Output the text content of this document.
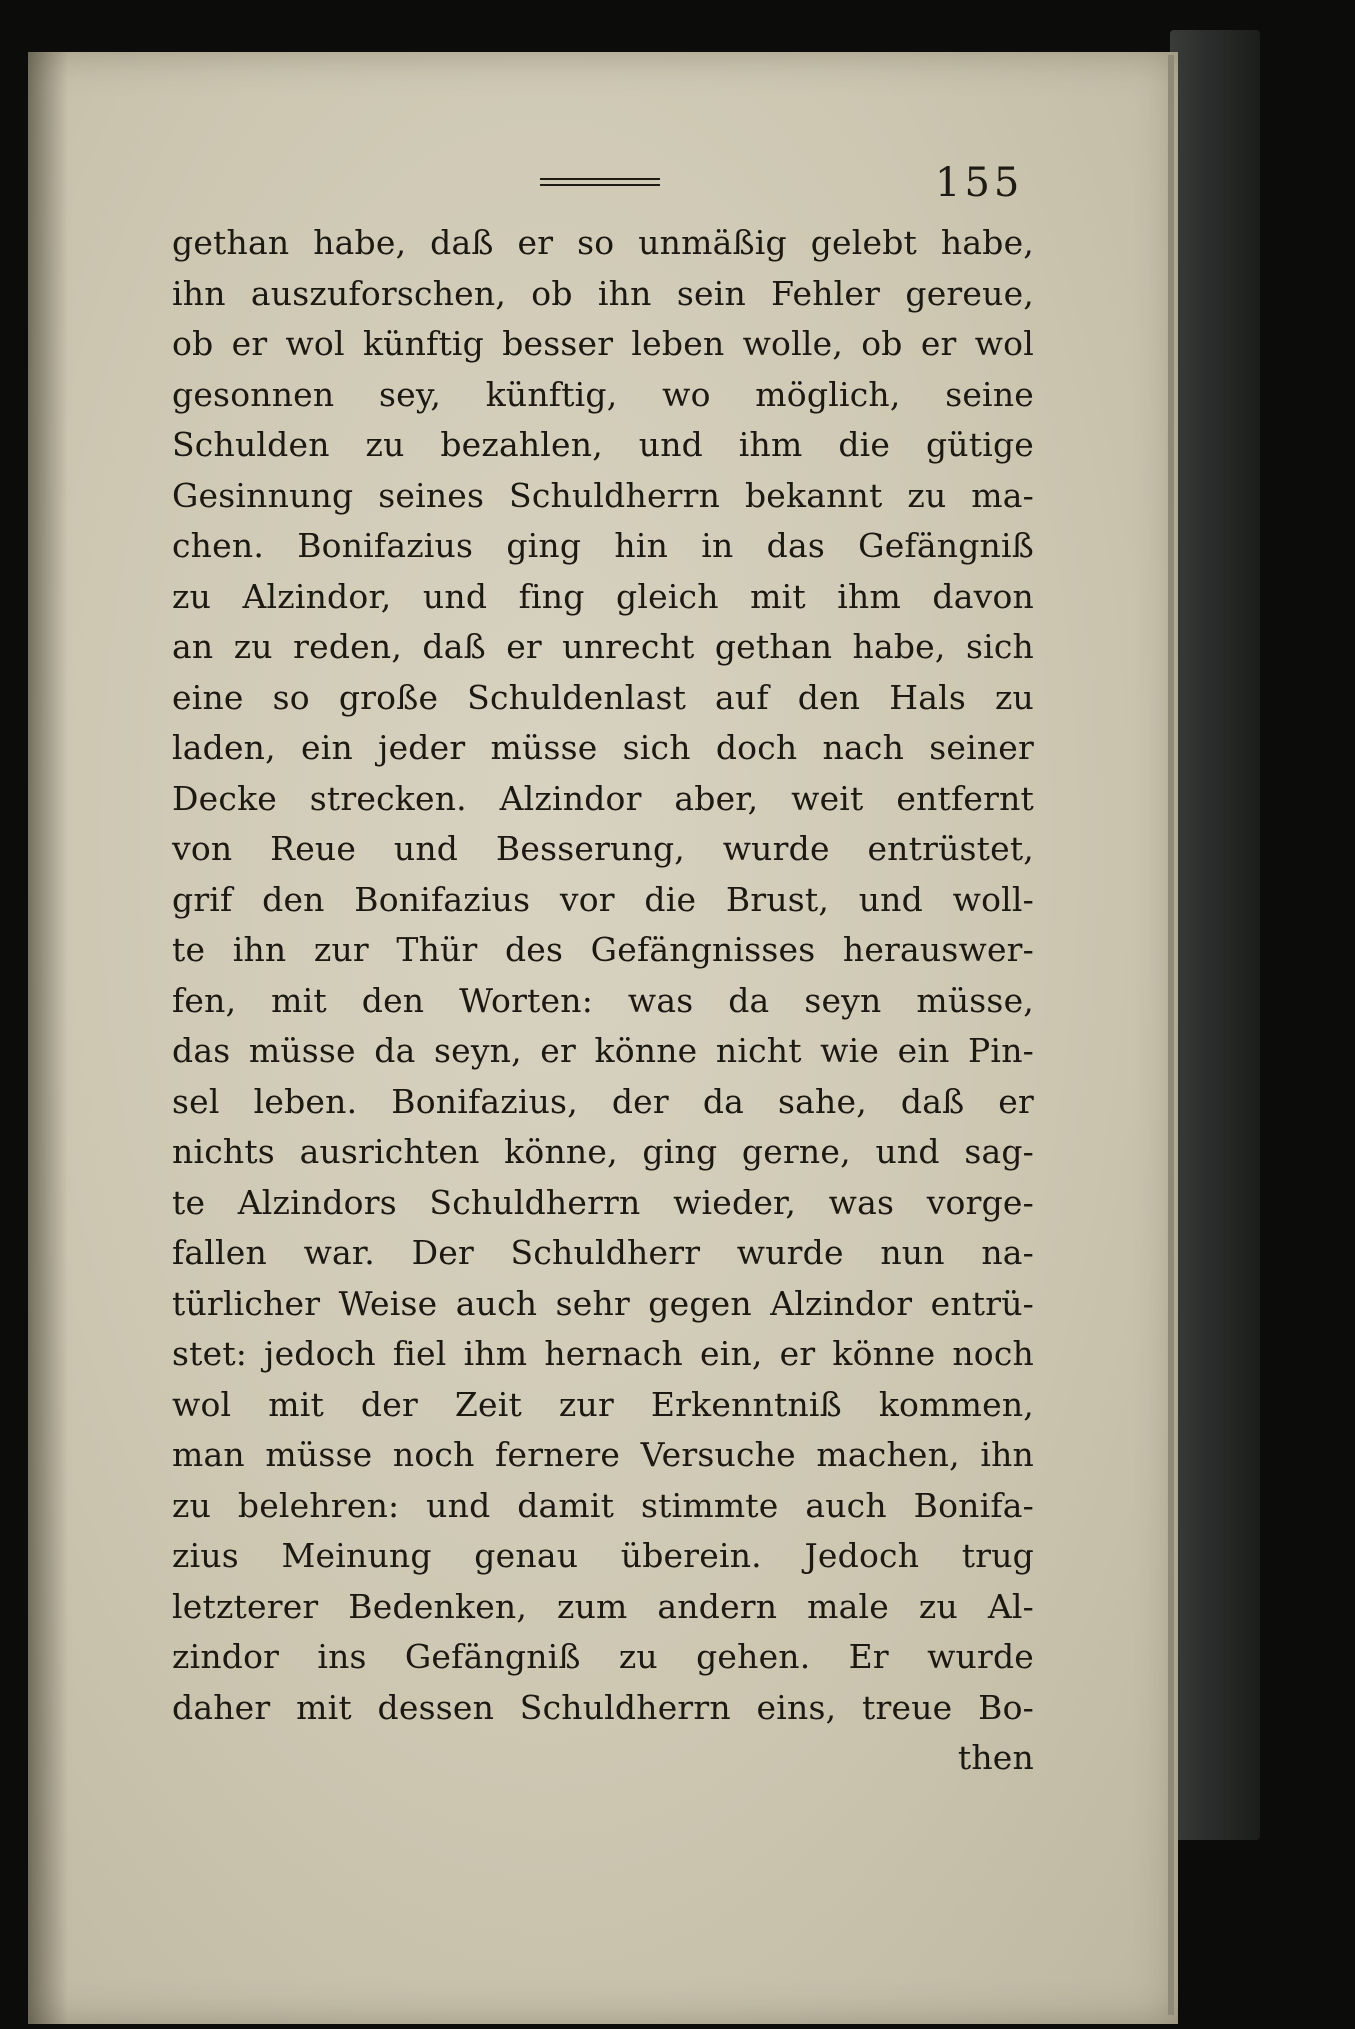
155
gethan habe, daß er so unmäßig gelebt habe,
ihn auszuforschen, ob ihn sein Fehler gereue,
ob er wol künftig besser leben wolle, ob er wol
gesonnen sey, künftig, wo möglich, seine
Schulden zu bezahlen, und ihm die gütige
Gesinnung seines Schuldherrn bekannt zu ma-
chen. Bonifazius ging hin in das Gefängniß
zu Alzindor, und fing gleich mit ihm davon
an zu reden, daß er unrecht gethan habe, sich
eine so große Schuldenlast auf den Hals zu
laden, ein jeder müsse sich doch nach seiner
Decke strecken. Alzindor aber, weit entfernt
von Reue und Besserung, wurde entrüstet,
grif den Bonifazius vor die Brust, und woll-
te ihn zur Thür des Gefängnisses herauswer-
fen, mit den Worten: was da seyn müsse,
das müsse da seyn, er könne nicht wie ein Pin-
sel leben. Bonifazius, der da sahe, daß er
nichts ausrichten könne, ging gerne, und sag-
te Alzindors Schuldherrn wieder, was vorge-
fallen war. Der Schuldherr wurde nun na-
türlicher Weise auch sehr gegen Alzindor entrü-
stet: jedoch fiel ihm hernach ein, er könne noch
wol mit der Zeit zur Erkenntniß kommen,
man müsse noch fernere Versuche machen, ihn
zu belehren: und damit stimmte auch Bonifa-
zius Meinung genau überein. Jedoch trug
letzterer Bedenken, zum andern male zu Al-
zindor ins Gefängniß zu gehen. Er wurde
daher mit dessen Schuldherrn eins, treue Bo-
then
